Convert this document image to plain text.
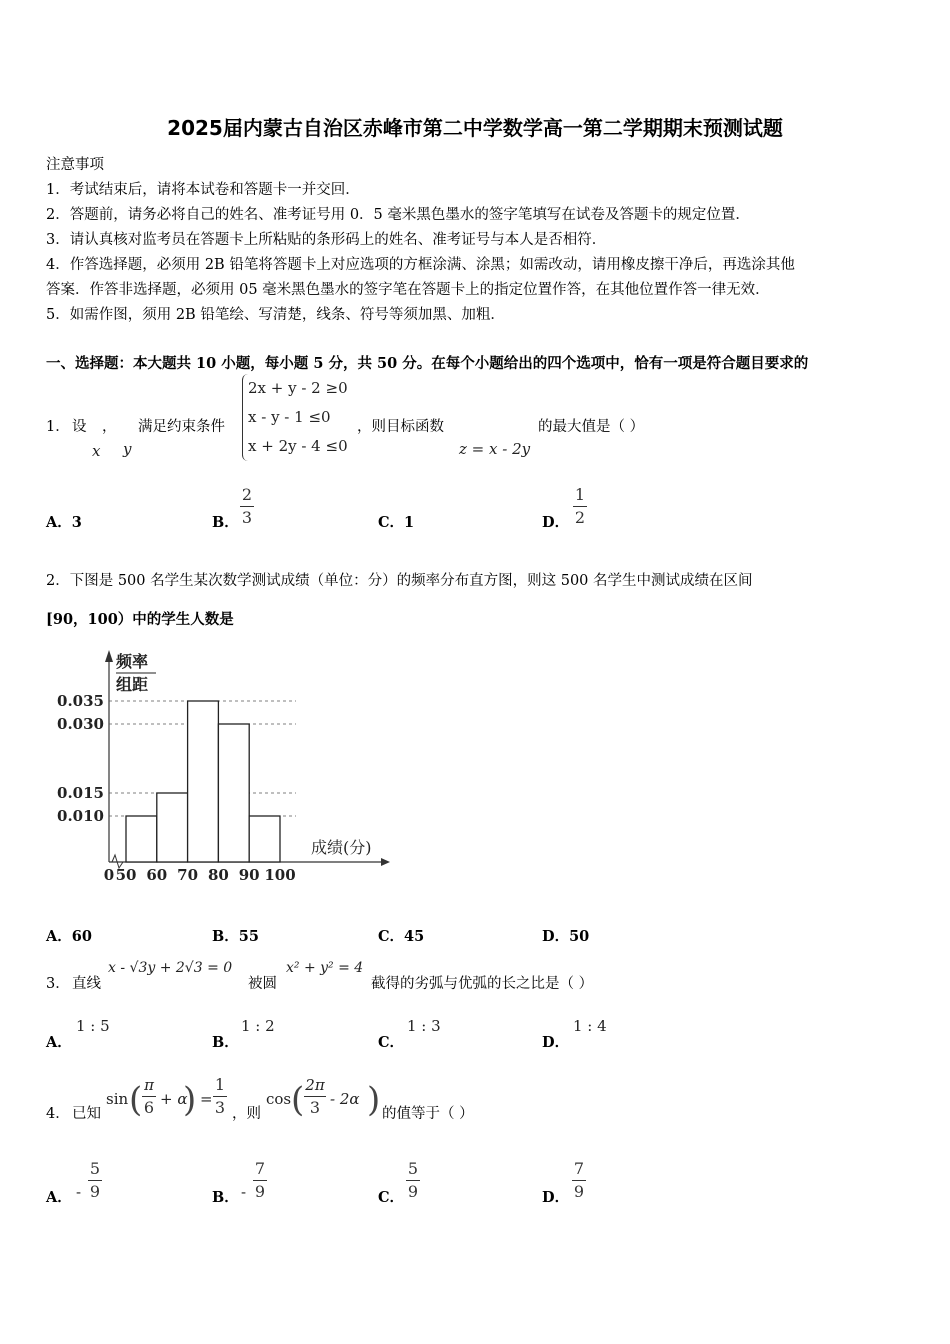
2025届内蒙古自治区赤峰市第二中学数学高一第二学期期末预测试题
注意事项
1．考试结束后，请将本试卷和答题卡一并交回．
2．答题前，请务必将自己的姓名、准考证号用 0．5 毫米黑色墨水的签字笔填写在试卷及答题卡的规定位置．
3．请认真核对监考员在答题卡上所粘贴的条形码上的姓名、准考证号与本人是否相符．
4．作答选择题，必须用 2B 铅笔将答题卡上对应选项的方框涂满、涂黑；如需改动，请用橡皮擦干净后，再选涂其他
答案．作答非选择题，必须用 05 毫米黑色墨水的签字笔在答题卡上的指定位置作答，在其他位置作答一律无效．
5．如需作图，须用 2B 铅笔绘、写清楚，线条、符号等须加黑、加粗．
一、选择题：本大题共 10 小题，每小题 5 分，共 50 分。在每个小题给出的四个选项中，恰有一项是符合题目要求的
1． 设 ， 满足约束条件
x y
2x + y - 2 ≥0
x - y - 1 ≤0
x + 2y - 4 ≤0
，则目标函数
z = x - 2y
的最大值是（ ）
A．3	B． $\frac{2}{3}$	C．1	D． $\frac{1}{2}$
2．下图是 500 名学生某次数学测试成绩（单位：分）的频率分布直方图，则这 500 名学生中测试成绩在区间
[90，100）中的学生人数是
0.035
0.030
0.015
0.010
0 50 60 70 80 90 100
频率
组距
成绩(分)
A．60	B．55	C．45	D．50
3． 直线
x - √3y + 2√3 = 0
被圆
x² + y² = 4
截得的劣弧与优弧的长之比是（ ）
A．
1 : 5
B．
1 : 2
C．
1 : 3
D．
1 : 4
4． 已知
sin ( $\frac{\pi}{6} + \alpha$
) = $\frac{1}{3}$ ，则
cos ( $\frac{2\pi}{3} - 2\alpha$ ) 的值等于（ ）
A． - $\frac{5}{9}$	B． - $\frac{7}{9}$	C． $\frac{5}{9}$	D． $\frac{7}{9}$
